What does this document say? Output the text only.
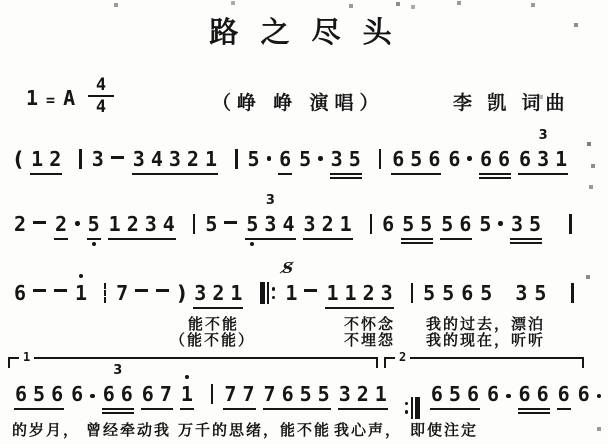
路 之 尽 头
1 = A $\frac{4}{4}$	（峥 峥 演唱）	李 凯 词曲
( 1 2 3 3 4 3 2 1 5 6 5 3 5 6 5 6 6 6 6 6 3 1
3
2 2 5 1 2 3 4 5 5 3 4
3
3 2 1 6 5 5 5 6 5 3 5
6 1 7 ) 3 2 1
S̸
1 1 1 2 3 5 5 6 5 3 5
6 5 6 6 6 6
3
6 7 1 7 7 7 6 5 5 3 2 1 6 5 6 6 6 6 6 6
1	2
能不能	不怀念 我的过去，漂泊
（能不能）	不埋怨 我的现在，听听
的岁月， 曾经牵动我 万千的思绪，能不能 我心声， 即使注定
